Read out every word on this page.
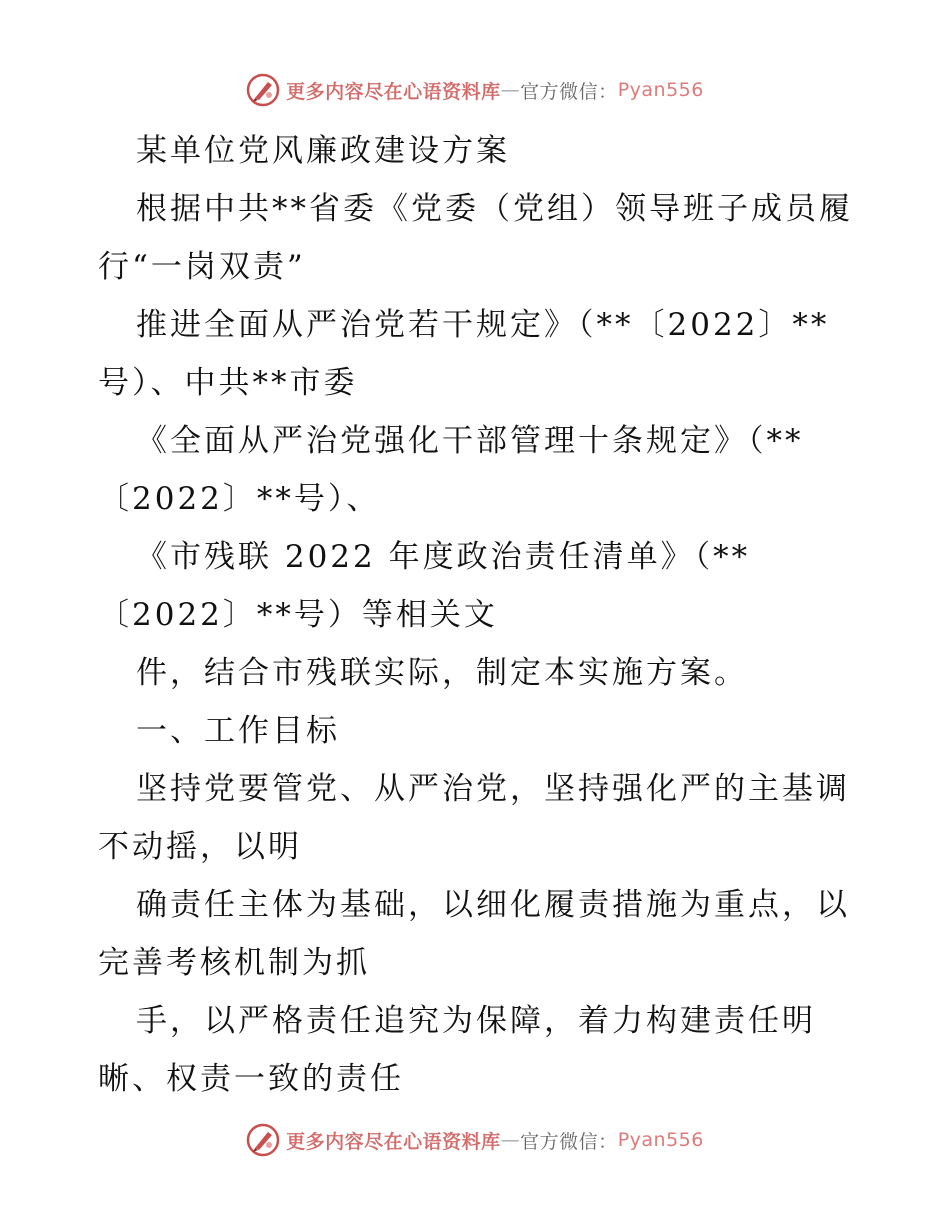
更多内容尽在心语资料库 — 官方微信： Pyan556
某单位党风廉政建设方案
根据中共**省委《党委（党组）领导班子成员履
行“一岗双责”
推进全面从严治党若干规定》（**〔2022〕**
号）、中共**市委
《全面从严治党强化干部管理十条规定》（**
〔2022〕**号）、
《市残联 2022 年度政治责任清单》（**
〔2022〕**号）等相关文
件，结合市残联实际，制定本实施方案。
一、工作目标
坚持党要管党、从严治党，坚持强化严的主基调
不动摇，以明
确责任主体为基础，以细化履责措施为重点，以
完善考核机制为抓
手，以严格责任追究为保障，着力构建责任明
晰、权责一致的责任
更多内容尽在心语资料库 — 官方微信： Pyan556
